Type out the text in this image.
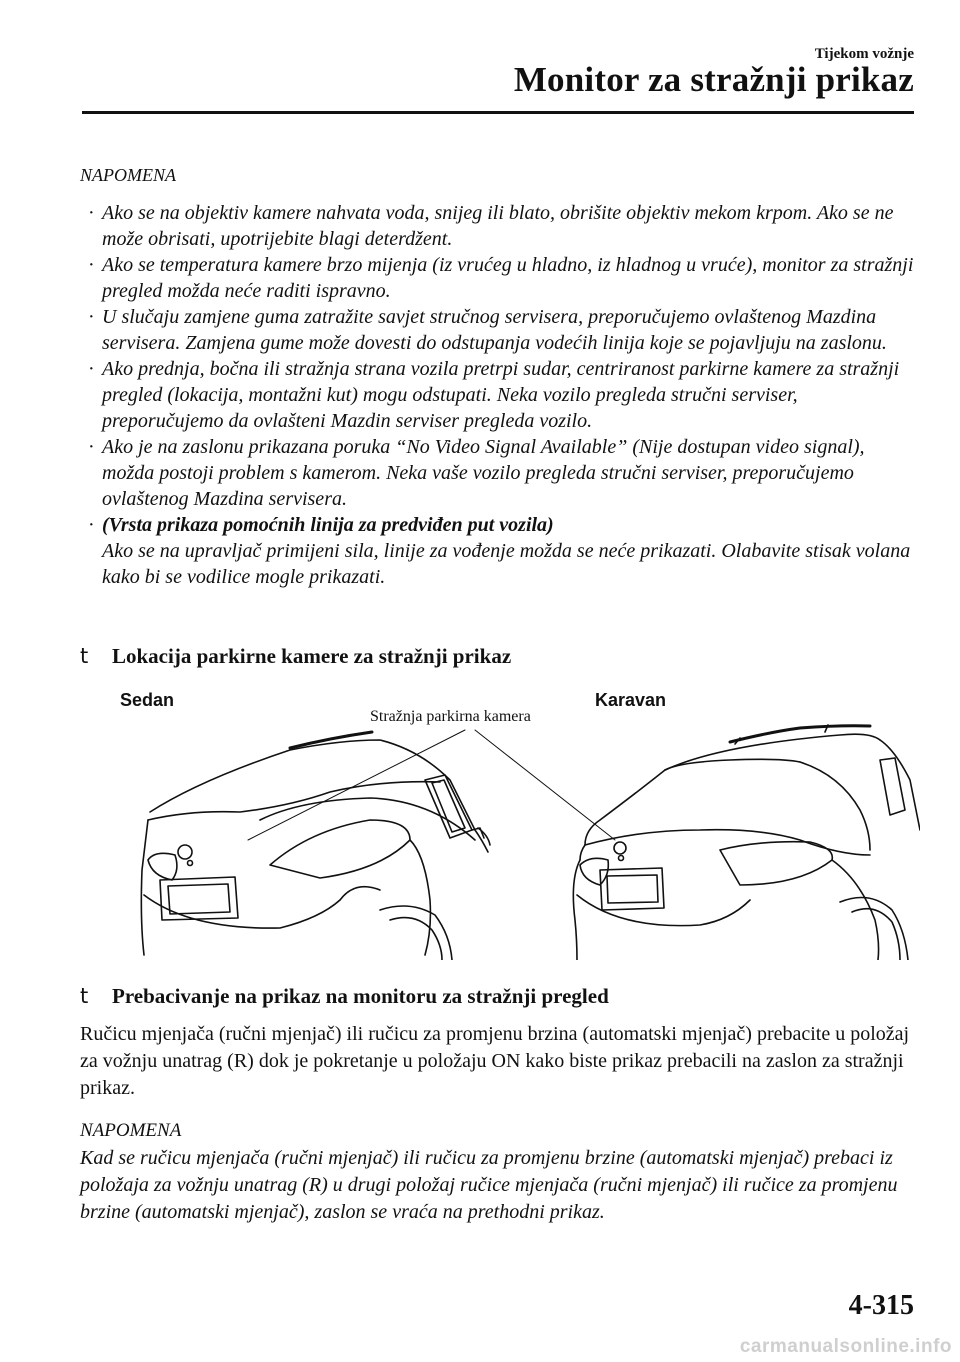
Tijekom vožnje
Monitor za stražnji prikaz
NAPOMENA
· Ako se na objektiv kamere nahvata voda, snijeg ili blato, obrišite objektiv mekom krpom. Ako se ne može obrisati, upotrijebite blagi deterdžent.
· Ako se temperatura kamere brzo mijenja (iz vrućeg u hladno, iz hladnog u vruće), monitor za stražnji pregled možda neće raditi ispravno.
· U slučaju zamjene guma zatražite savjet stručnog servisera, preporučujemo ovlaštenog Mazdina servisera. Zamjena gume može dovesti do odstupanja vodećih linija koje se pojavljuju na zaslonu.
· Ako prednja, bočna ili stražnja strana vozila pretrpi sudar, centriranost parkirne kamere za stražnji pregled (lokacija, montažni kut) mogu odstupati. Neka vozilo pregleda stručni serviser, preporučujemo da ovlašteni Mazdin serviser pregleda vozilo.
· Ako je na zaslonu prikazana poruka “No Video Signal Available” (Nije dostupan video signal), možda postoji problem s kamerom. Neka vaše vozilo pregleda stručni serviser, preporučujemo ovlaštenog Mazdina servisera.
· (Vrsta prikaza pomoćnih linija za predviđen put vozila)
Ako se na upravljač primijeni sila, linije za vođenje možda se neće prikazati. Olabavite stisak volana kako bi se vodilice mogle prikazati.
t Lokacija parkirne kamere za stražnji prikaz
Sedan	Karavan
Stražnja parkirna kamera
t Prebacivanje na prikaz na monitoru za stražnji pregled
Ručicu mjenjača (ručni mjenjač) ili ručicu za promjenu brzina (automatski mjenjač) prebacite u položaj za vožnju unatrag (R) dok je pokretanje u položaju ON kako biste prikaz prebacili na zaslon za stražnji prikaz.
NAPOMENA
Kad se ručicu mjenjača (ručni mjenjač) ili ručicu za promjenu brzine (automatski mjenjač) prebaci iz položaja za vožnju unatrag (R) u drugi položaj ručice mjenjača (ručni mjenjač) ili ručice za promjenu brzine (automatski mjenjač), zaslon se vraća na prethodni prikaz.
4-315
carmanualsonline.info
